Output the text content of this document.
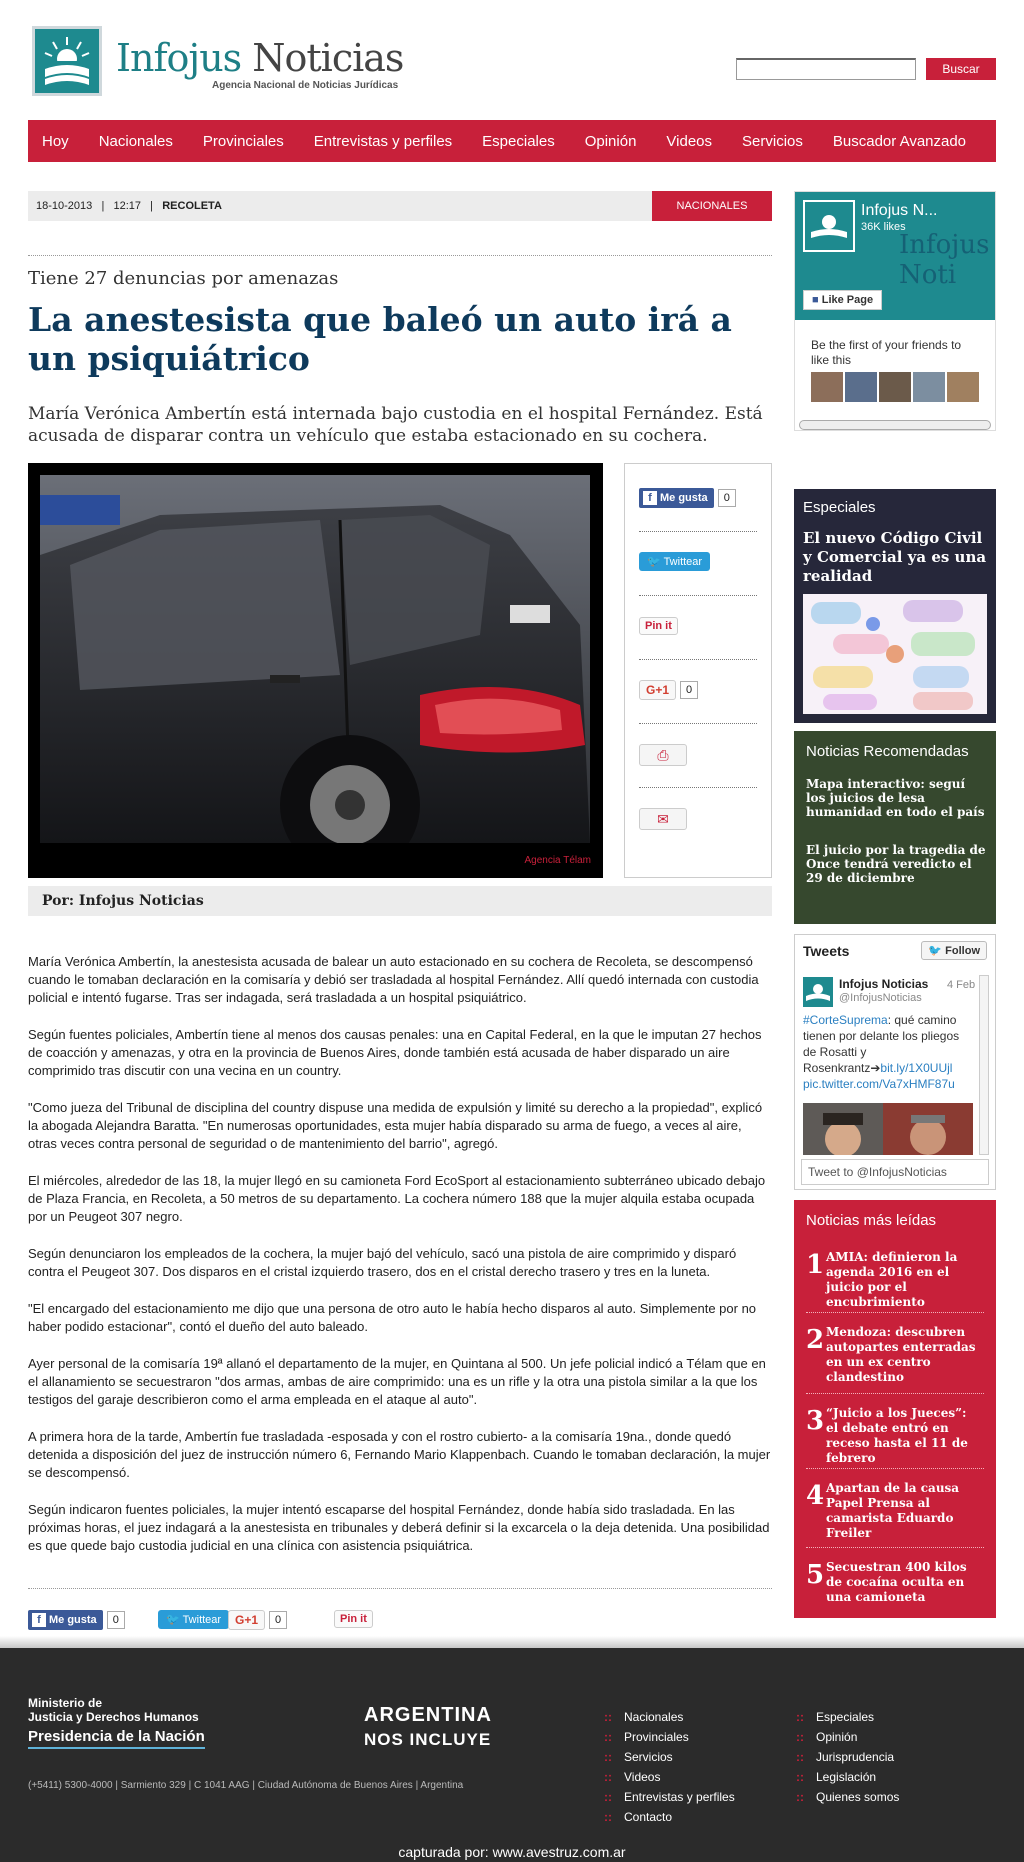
Infojus Noticias
Agencia Nacional de Noticias Jurídicas
Buscar
Hoy Nacionales Provinciales Entrevistas y perfiles Especiales Opinión Videos Servicios Buscador Avanzado
18-10-2013   |   12:17   |   RECOLETA	NACIONALES
Tiene 27 denuncias por amenazas
La anestesista que baleó un auto irá a un psiquiátrico
María Verónica Ambertín está internada bajo custodia en el hospital Fernández. Está acusada de disparar contra un vehículo que estaba estacionado en su cochera.
Agencia Télam
f Me gusta 0
🐦 Twittear
Pin it
G+1 0
⎙
✉
Por: Infojus Noticias

María Verónica Ambertín, la anestesista acusada de balear un auto estacionado en su cochera de Recoleta, se descompensó cuando le tomaban declaración en la comisaría y debió ser trasladada al hospital Fernández. Allí quedó internada con custodia policial e intentó fugarse. Tras ser indagada, será trasladada a un hospital psiquiátrico.

Según fuentes policiales, Ambertín tiene al menos dos causas penales: una en Capital Federal, en la que le imputan 27 hechos de coacción y amenazas, y otra en la provincia de Buenos Aires, donde también está acusada de haber disparado un aire comprimido tras discutir con una vecina en un country.

"Como jueza del Tribunal de disciplina del country dispuse una medida de expulsión y limité su derecho a la propiedad", explicó la abogada Alejandra Baratta. "En numerosas oportunidades, esta mujer había disparado su arma de fuego, a veces al aire, otras veces contra personal de seguridad o de mantenimiento del barrio", agregó.

El miércoles, alrededor de las 18, la mujer llegó en su camioneta Ford EcoSport al estacionamiento subterráneo ubicado debajo de Plaza Francia, en Recoleta, a 50 metros de su departamento. La cochera número 188 que la mujer alquila estaba ocupada por un Peugeot 307 negro.

Según denunciaron los empleados de la cochera, la mujer bajó del vehículo, sacó una pistola de aire comprimido y disparó contra el Peugeot 307. Dos disparos en el cristal izquierdo trasero, dos en el cristal derecho trasero y tres en la luneta.

"El encargado del estacionamiento me dijo que una persona de otro auto le había hecho disparos al auto. Simplemente por no haber podido estacionar", contó el dueño del auto baleado.

Ayer personal de la comisaría 19ª allanó el departamento de la mujer, en Quintana al 500. Un jefe policial indicó a Télam que en el allanamiento se secuestraron "dos armas, ambas de aire comprimido: una es un rifle y la otra una pistola similar a la que los testigos del garaje describieron como el arma empleada en el ataque al auto".

A primera hora de la tarde, Ambertín fue trasladada -esposada y con el rostro cubierto- a la comisaría 19na., donde quedó detenida a disposición del juez de instrucción número 6, Fernando Mario Klappenbach. Cuando le tomaban declaración, la mujer se descompensó.

Según indicaron fuentes policiales, la mujer intentó escaparse del hospital Fernández, donde había sido trasladada. En las próximas horas, el juez indagará a la anestesista en tribunales y deberá definir si la excarcela o la deja detenida. Una posibilidad es que quede bajo custodia judicial en una clínica con asistencia psiquiátrica.

f Me gusta 0	🐦 Twittear	G+1 0	Pin it
Infojus Noti
Infojus N...
36K likes
■ Like Page
Be the first of your friends to like this
Especiales
El nuevo Código Civil y Comercial ya es una realidad
Noticias Recomendadas
Mapa interactivo: seguí los juicios de lesa humanidad en todo el país
El juicio por la tragedia de Once tendrá veredicto el 29 de diciembre
Tweets	🐦 Follow
Infojus Noticias
@InfojusNoticias
4 Feb
#CorteSuprema: qué camino tienen por delante los pliegos de Rosatti y Rosenkrantz➔bit.ly/1X0UUjl
pic.twitter.com/Va7xHMF87u
Tweet to @InfojusNoticias
Noticias más leídas
1 AMIA: definieron la agenda 2016 en el juicio por el encubrimiento
2 Mendoza: descubren autopartes enterradas en un ex centro clandestino
3 “Juicio a los Jueces”: el debate entró en receso hasta el 11 de febrero
4 Apartan de la causa Papel Prensa al camarista Eduardo Freiler
5 Secuestran 400 kilos de cocaína oculta en una camioneta
Ministerio de
Justicia y Derechos Humanos
Presidencia de la Nación
ARGENTINA
NOS INCLUYE
(+5411) 5300-4000 | Sarmiento 329 | C 1041 AAG | Ciudad Autónoma de Buenos Aires | Argentina
:: Nacionales
:: Provinciales
:: Servicios
:: Videos
:: Entrevistas y perfiles
:: Contacto
:: Especiales
:: Opinión
:: Jurisprudencia
:: Legislación
:: Quienes somos
capturada por: www.avestruz.com.ar
